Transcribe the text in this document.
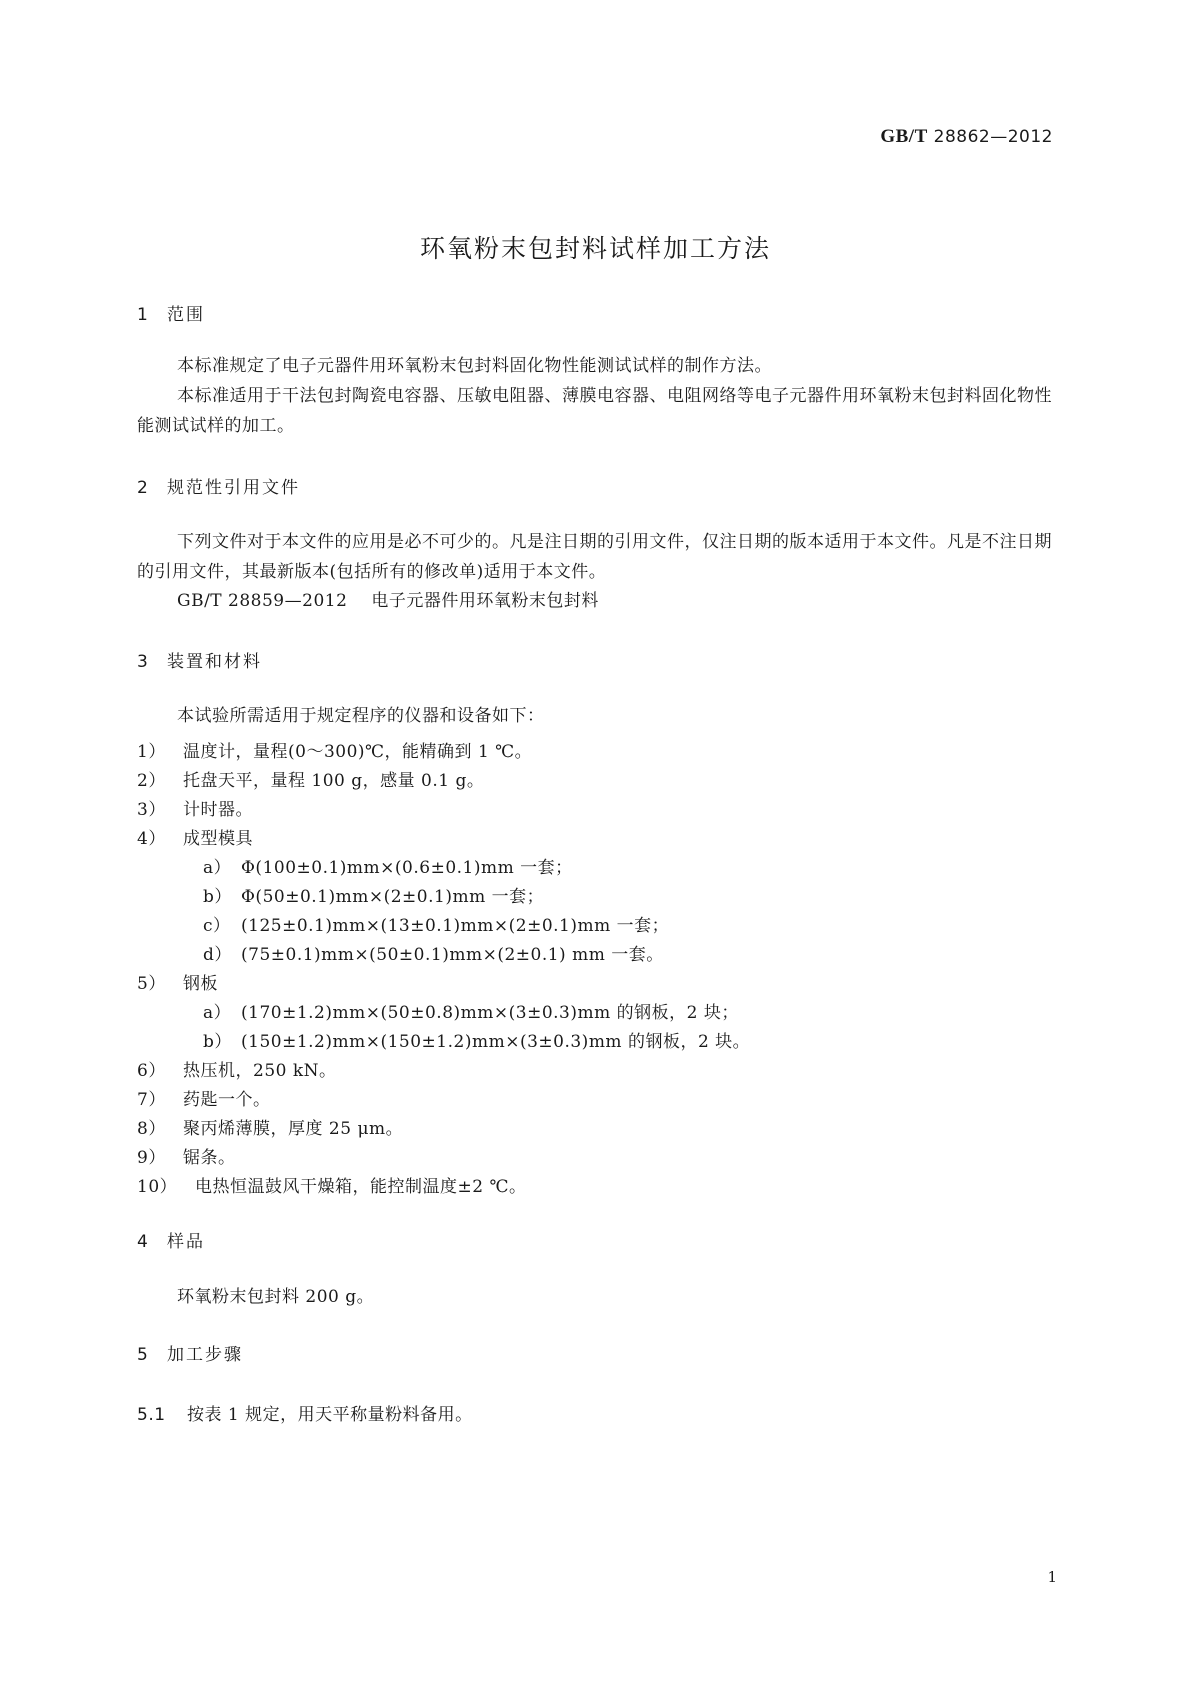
GB/T 28862—2012
环氧粉末包封料试样加工方法
1 范围
本标准规定了电子元器件用环氧粉末包封料固化物性能测试试样的制作方法。
本标准适用于干法包封陶瓷电容器、压敏电阻器、薄膜电容器、电阻网络等电子元器件用环氧粉末包封料固化物性能测试试样的加工。
2 规范性引用文件
下列文件对于本文件的应用是必不可少的。凡是注日期的引用文件，仅注日期的版本适用于本文件。凡是不注日期的引用文件，其最新版本(包括所有的修改单)适用于本文件。
GB/T 28859—2012 电子元器件用环氧粉末包封料
3 装置和材料
本试验所需适用于规定程序的仪器和设备如下：
1） 温度计，量程(0～300)℃，能精确到 1 ℃。
2） 托盘天平，量程 100 g，感量 0.1 g。
3） 计时器。
4） 成型模具
a） Φ(100±0.1)mm×(0.6±0.1)mm 一套；
b） Φ(50±0.1)mm×(2±0.1)mm 一套；
c） (125±0.1)mm×(13±0.1)mm×(2±0.1)mm 一套；
d） (75±0.1)mm×(50±0.1)mm×(2±0.1) mm 一套。
5） 钢板
a） (170±1.2)mm×(50±0.8)mm×(3±0.3)mm 的钢板，2 块；
b） (150±1.2)mm×(150±1.2)mm×(3±0.3)mm 的钢板，2 块。
6） 热压机，250 kN。
7） 药匙一个。
8） 聚丙烯薄膜，厚度 25 μm。
9） 锯条。
10） 电热恒温鼓风干燥箱，能控制温度±2 ℃。
4 样品
环氧粉末包封料 200 g。
5 加工步骤
5.1 按表 1 规定，用天平称量粉料备用。
1
